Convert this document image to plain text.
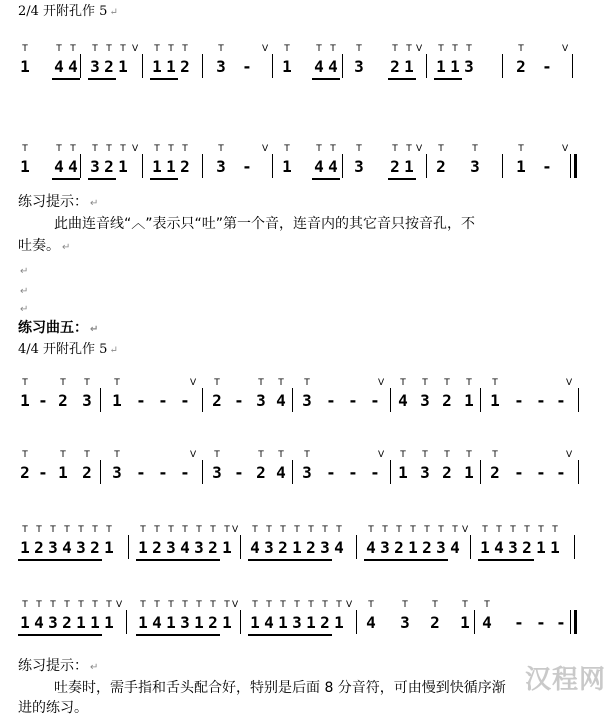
2/4 开附孔作 5 ↵
1
T
4
T
4
T
3
T
2
T
1
T V
1
T
1
T
2
T
3
T
-
V
1
T
4
T
4
T
3
T
2
T
1
T V
1
T
1
T
3
T
2
T
-
V
1
T
4
T
4
T
3
T
2
T
1
T V
1
T
1
T
2
T
3
T
-
V
1
T
4
T
4
T
3
T
2
T
1
T V
2
T
3
T
1
T
-
V
练习提示： ↵
此曲连音线“︿”表示只“吐”第一个音，连音内的其它音只按音孔，不
吐奏。 ↵
↵
↵
↵
练习曲五： ↵
4/4 开附孔作 5 ↵
1
T
- 2
T
3
T
1
T
- - -
V
2
T
- 3
T
4
T
3
T
- - -
V
4
T
3
T
2
T
1
T
1
T
- - -
V
2
T
- 1
T
2
T
3
T
- - -
V
3
T
- 2
T
4
T
3
T
- - -
V
1
T
3
T
2
T
1
T
2
T
- - -
V
1
T
2
T
3
T
4
T
3
T
2
T
1
T
1
T
2
T
3
T
4
T
3
T
2
T
1
T V
4
T
3
T
2
T
1
T
2
T
3
T
4
T
4
T
3
T
2
T
1
T
2
T
3
T
4
T V
1
T
4
T
3
T
2
T
1
T
1
T
1
T
4
T
3
T
2
T
1
T
1
T
1
T V
1
T
4
T
1
T
3
T
1
T
2
T
1
T V
1
T
4
T
1
T
3
T
1
T
2
T
1
T V
4
T
3
T
2
T
1
T
4
T
- - -
练习提示： ↵
吐奏时，需手指和舌头配合好，特别是后面 8 分音符，可由慢到快循序渐
进的练习。
汉程网
